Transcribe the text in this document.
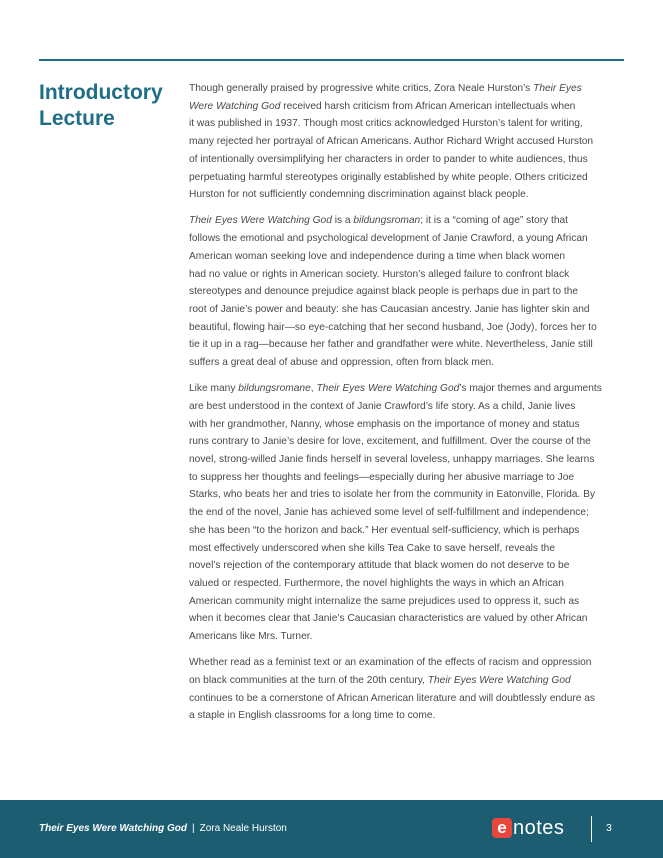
Introductory
Lecture

Though generally praised by progressive white critics, Zora Neale Hurston’s Their Eyes
Were Watching God received harsh criticism from African American intellectuals when
it was published in 1937. Though most critics acknowledged Hurston’s talent for writing,
many rejected her portrayal of African Americans. Author Richard Wright accused Hurston
of intentionally oversimplifying her characters in order to pander to white audiences, thus
perpetuating harmful stereotypes originally established by white people. Others criticized
Hurston for not sufficiently condemning discrimination against black people.

Their Eyes Were Watching God is a bildungsroman; it is a “coming of age” story that
follows the emotional and psychological development of Janie Crawford, a young African
American woman seeking love and independence during a time when black women
had no value or rights in American society. Hurston’s alleged failure to confront black
stereotypes and denounce prejudice against black people is perhaps due in part to the
root of Janie’s power and beauty: she has Caucasian ancestry. Janie has lighter skin and
beautiful, flowing hair—so eye-catching that her second husband, Joe (Jody), forces her to
tie it up in a rag—because her father and grandfather were white. Nevertheless, Janie still
suffers a great deal of abuse and oppression, often from black men.

Like many bildungsromane, Their Eyes Were Watching God’s major themes and arguments
are best understood in the context of Janie Crawford’s life story. As a child, Janie lives
with her grandmother, Nanny, whose emphasis on the importance of money and status
runs contrary to Janie’s desire for love, excitement, and fulfillment. Over the course of the
novel, strong-willed Janie finds herself in several loveless, unhappy marriages. She learns
to suppress her thoughts and feelings—especially during her abusive marriage to Joe
Starks, who beats her and tries to isolate her from the community in Eatonville, Florida. By
the end of the novel, Janie has achieved some level of self-fulfillment and independence;
she has been “to the horizon and back.” Her eventual self-sufficiency, which is perhaps
most effectively underscored when she kills Tea Cake to save herself, reveals the
novel’s rejection of the contemporary attitude that black women do not deserve to be
valued or respected. Furthermore, the novel highlights the ways in which an African
American community might internalize the same prejudices used to oppress it, such as
when it becomes clear that Janie’s Caucasian characteristics are valued by other African
Americans like Mrs. Turner.

Whether read as a feminist text or an examination of the effects of racism and oppression
on black communities at the turn of the 20th century, Their Eyes Were Watching God
continues to be a cornerstone of African American literature and will doubtlessly endure as
a staple in English classrooms for a long time to come.

Their Eyes Were Watching God | Zora Neale Hurston	e notes	3
